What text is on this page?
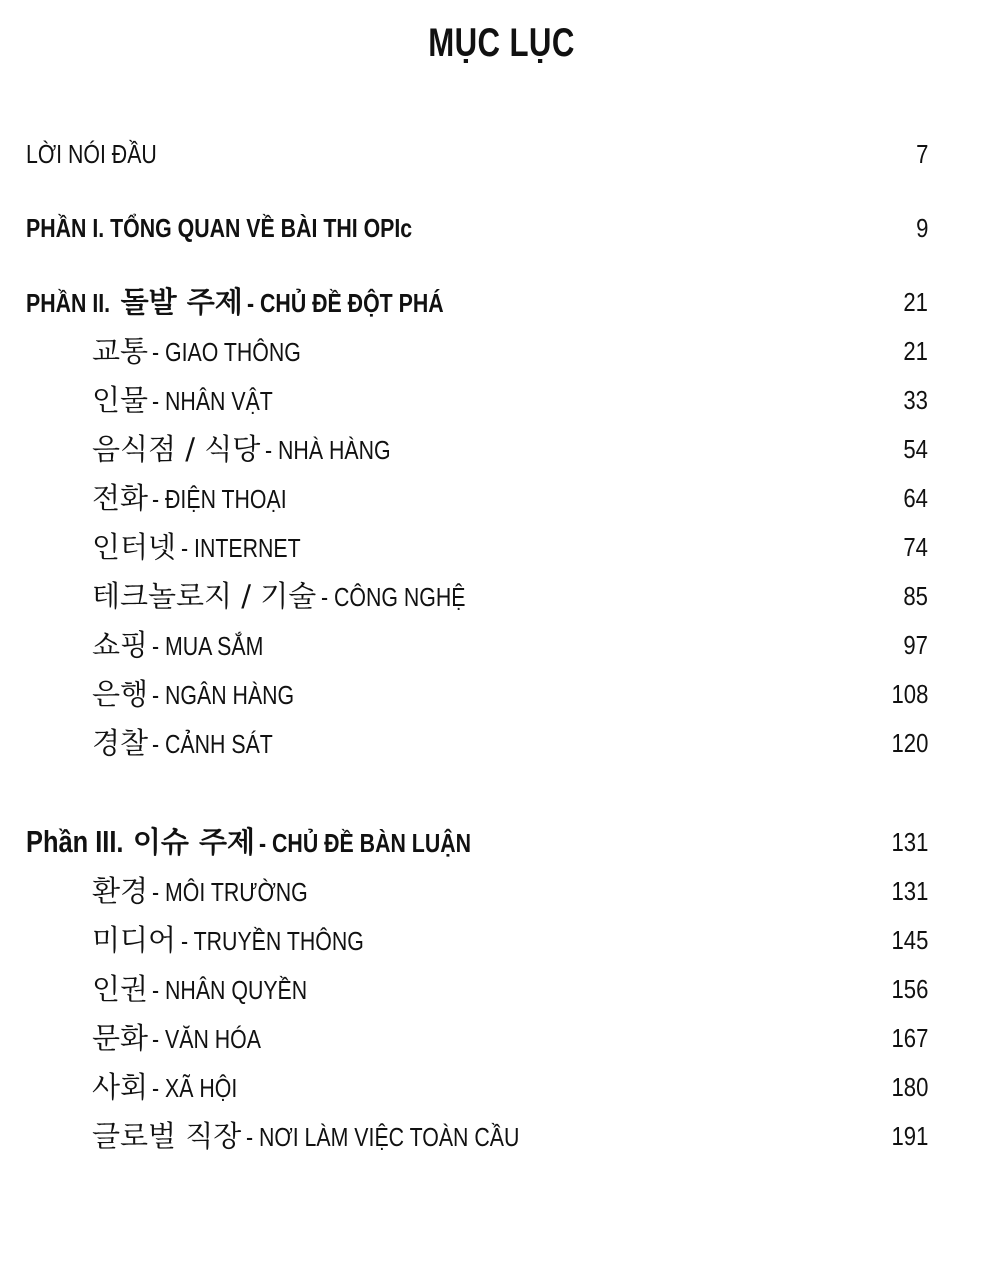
MỤC LỤC
LỜI NÓI ĐẦU	7
PHẦN I. TỔNG QUAN VỀ BÀI THI OPIc	9
PHẦN II. 돌발 주제 - CHỦ ĐỀ ĐỘT PHÁ	21
교통 - GIAO THÔNG	21
인물 - NHÂN VẬT	33
음식점 / 식당 - NHÀ HÀNG	54
전화 - ĐIỆN THOẠI	64
인터넷 - INTERNET	74
테크놀로지 / 기술 - CÔNG NGHỆ	85
쇼핑 - MUA SẮM	97
은행 - NGÂN HÀNG	108
경찰 - CẢNH SÁT	120
Phần III. 이슈 주제 - CHỦ ĐỀ BÀN LUẬN	131
환경 - MÔI TRƯỜNG	131
미디어 - TRUYỀN THÔNG	145
인권 - NHÂN QUYỀN	156
문화 - VĂN HÓA	167
사회 - XÃ HỘI	180
글로벌 직장 - NƠI LÀM VIỆC TOÀN CẦU	191
